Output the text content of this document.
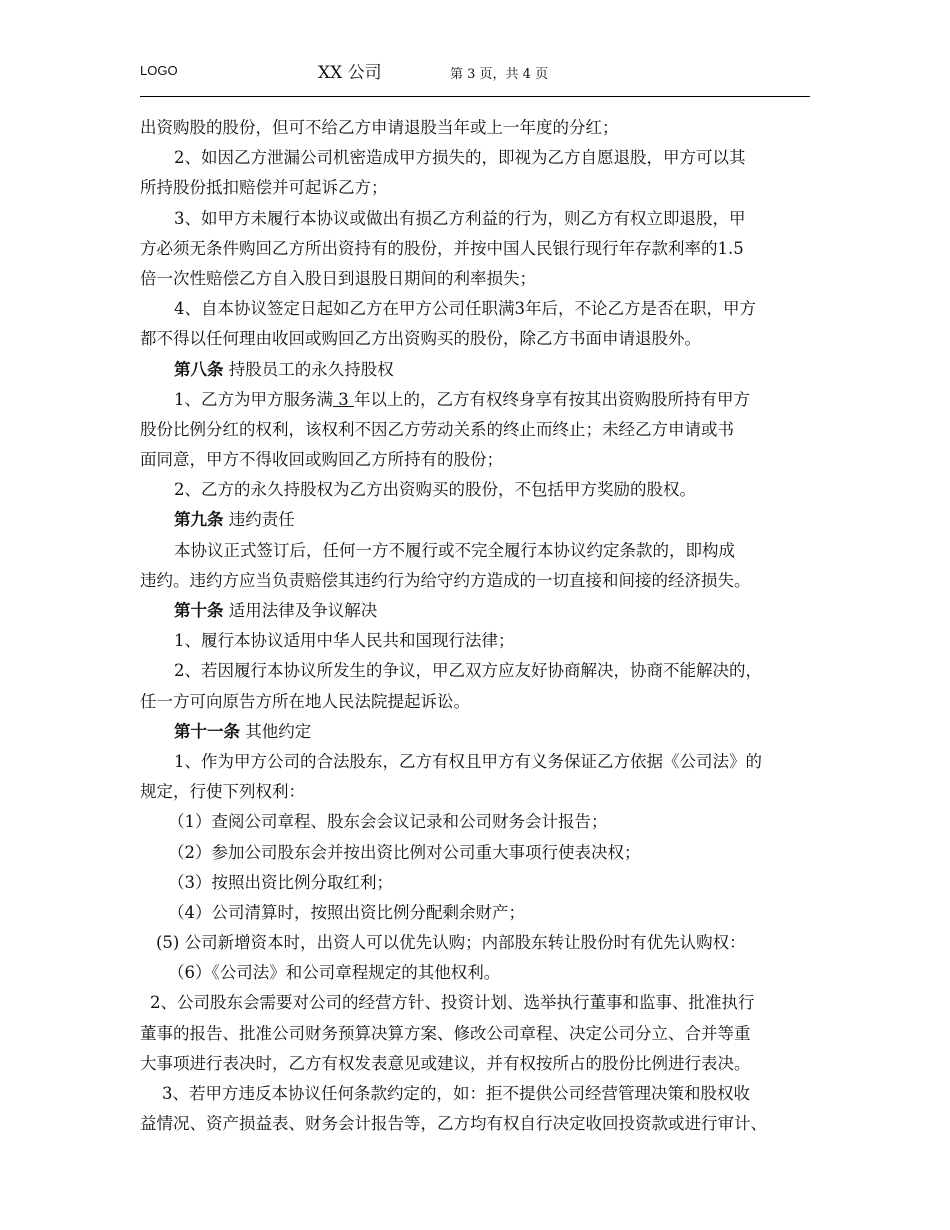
LOGO	XX 公司	第 3 页，共 4 页
出资购股的股份，但可不给乙方申请退股当年或上一年度的分红；
2、如因乙方泄漏公司机密造成甲方损失的，即视为乙方自愿退股，甲方可以其
所持股份抵扣赔偿并可起诉乙方；
3、如甲方未履行本协议或做出有损乙方利益的行为，则乙方有权立即退股，甲
方必须无条件购回乙方所出资持有的股份，并按中国人民银行现行年存款利率的1.5
倍一次性赔偿乙方自入股日到退股日期间的利率损失；
4、自本协议签定日起如乙方在甲方公司任职满3年后，不论乙方是否在职，甲方
都不得以任何理由收回或购回乙方出资购买的股份，除乙方书面申请退股外。
第八条 持股员工的永久持股权
1、乙方为甲方服务满 3 年以上的，乙方有权终身享有按其出资购股所持有甲方
股份比例分红的权利，该权利不因乙方劳动关系的终止而终止；未经乙方申请或书
面同意，甲方不得收回或购回乙方所持有的股份；
2、乙方的永久持股权为乙方出资购买的股份，不包括甲方奖励的股权。
第九条 违约责任
本协议正式签订后，任何一方不履行或不完全履行本协议约定条款的，即构成
违约。违约方应当负责赔偿其违约行为给守约方造成的一切直接和间接的经济损失。
第十条 适用法律及争议解决
1、履行本协议适用中华人民共和国现行法律；
2、若因履行本协议所发生的争议，甲乙双方应友好协商解决，协商不能解决的，
任一方可向原告方所在地人民法院提起诉讼。
第十一条 其他约定
1、作为甲方公司的合法股东，乙方有权且甲方有义务保证乙方依据《公司法》的
规定，行使下列权利：
（1）查阅公司章程、股东会会议记录和公司财务会计报告；
（2）参加公司股东会并按出资比例对公司重大事项行使表决权；
（3）按照出资比例分取红利；
（4）公司清算时，按照出资比例分配剩余财产；
(5) 公司新增资本时，出资人可以优先认购；内部股东转让股份时有优先认购权：
（6）《公司法》和公司章程规定的其他权利。
2、公司股东会需要对公司的经营方针、投资计划、选举执行董事和监事、批准执行
董事的报告、批准公司财务预算决算方案、修改公司章程、决定公司分立、合并等重
大事项进行表决时，乙方有权发表意见或建议，并有权按所占的股份比例进行表决。
3、若甲方违反本协议任何条款约定的，如：拒不提供公司经营管理决策和股权收
益情况、资产损益表、财务会计报告等，乙方均有权自行决定收回投资款或进行审计、
